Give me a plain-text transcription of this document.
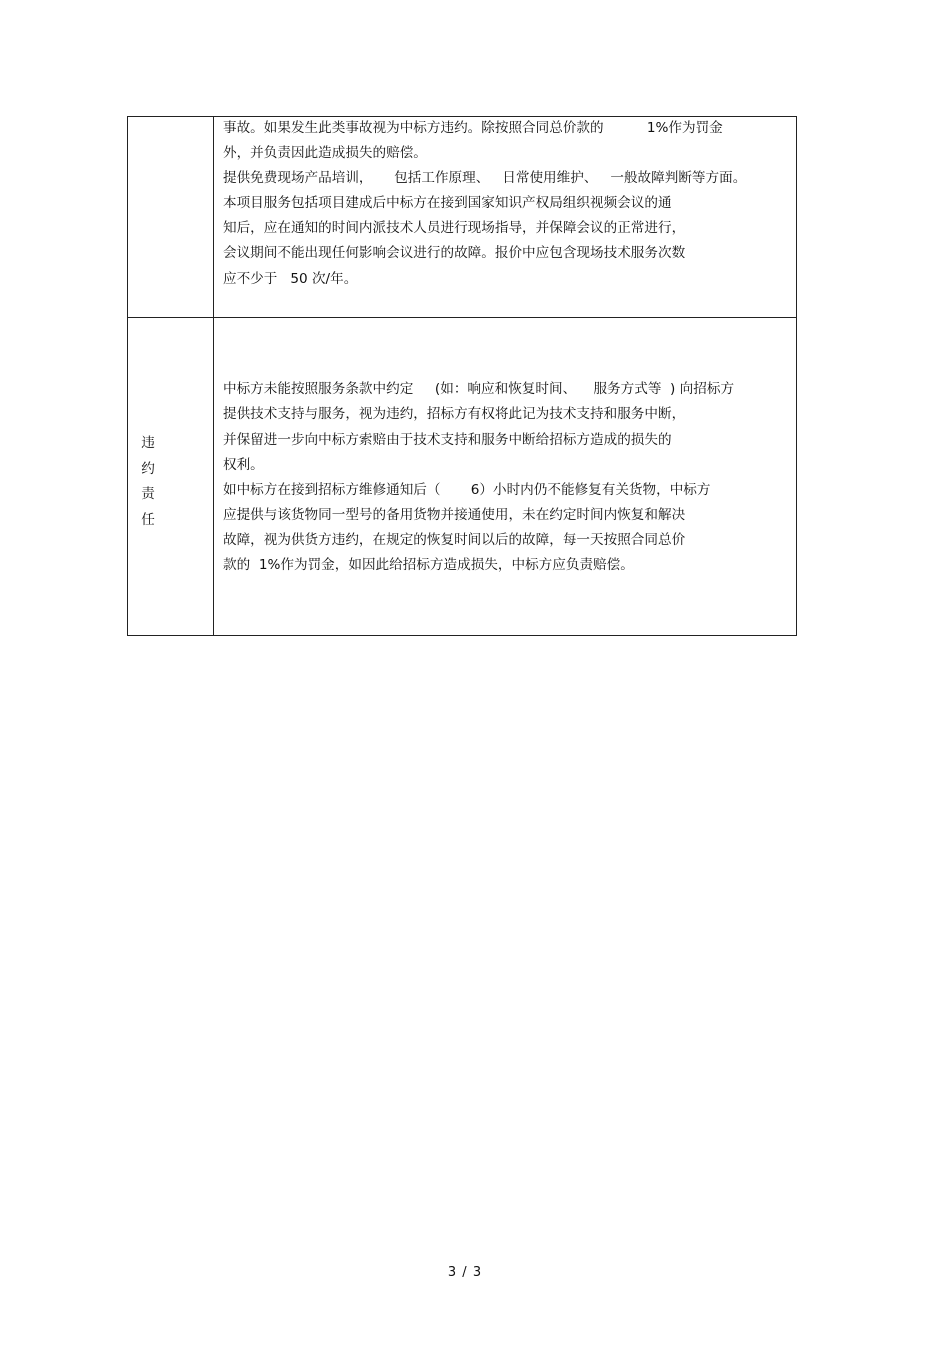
事故。如果发生此类事故视为中标方违约。除按照合同总价款的          1%作为罚金

外，并负责因此造成损失的赔偿。

提供免费现场产品培训，     包括工作原理、   日常使用维护、   一般故障判断等方面。

本项目服务包括项目建成后中标方在接到国家知识产权局组织视频会议的通

知后，应在通知的时间内派技术人员进行现场指导，并保障会议的正常进行，

会议期间不能出现任何影响会议进行的故障。报价中应包含现场技术服务次数

应不少于   50 次/年。

违
约
责
任

中标方未能按照服务条款中约定     (如：响应和恢复时间、    服务方式等  ) 向招标方

提供技术支持与服务，视为违约，招标方有权将此记为技术支持和服务中断，

并保留进一步向中标方索赔由于技术支持和服务中断给招标方造成的损失的

权利。

如中标方在接到招标方维修通知后（       6）小时内仍不能修复有关货物，中标方

应提供与该货物同一型号的备用货物并接通使用，未在约定时间内恢复和解决

故障，视为供货方违约，在规定的恢复时间以后的故障，每一天按照合同总价

款的  1%作为罚金，如因此给招标方造成损失，中标方应负责赔偿。

3 / 3
